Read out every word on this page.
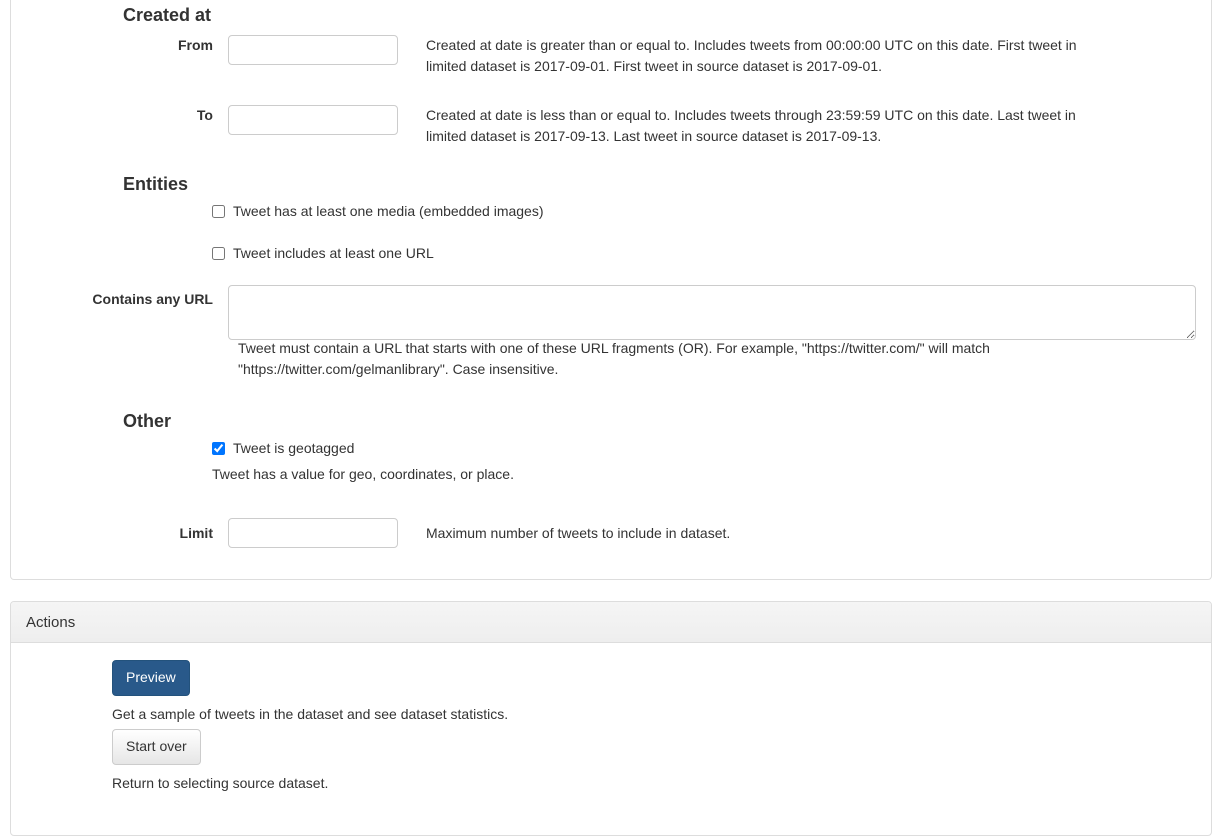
Created at
From	Created at date is greater than or equal to. Includes tweets from 00:00:00 UTC on this date. First tweet in limited dataset is 2017-09-01. First tweet in source dataset is 2017-09-01.
To	Created at date is less than or equal to. Includes tweets through 23:59:59 UTC on this date. Last tweet in limited dataset is 2017-09-13. Last tweet in source dataset is 2017-09-13.
Entities
Tweet has at least one media (embedded images)
Tweet includes at least one URL
Contains any URL
Tweet must contain a URL that starts with one of these URL fragments (OR). For example, "https://twitter.com/" will match "https://twitter.com/gelmanlibrary". Case insensitive.
Other
Tweet is geotagged
Tweet has a value for geo, coordinates, or place.
Limit	Maximum number of tweets to include in dataset.
Actions
Preview
Get a sample of tweets in the dataset and see dataset statistics.
Start over
Return to selecting source dataset.
